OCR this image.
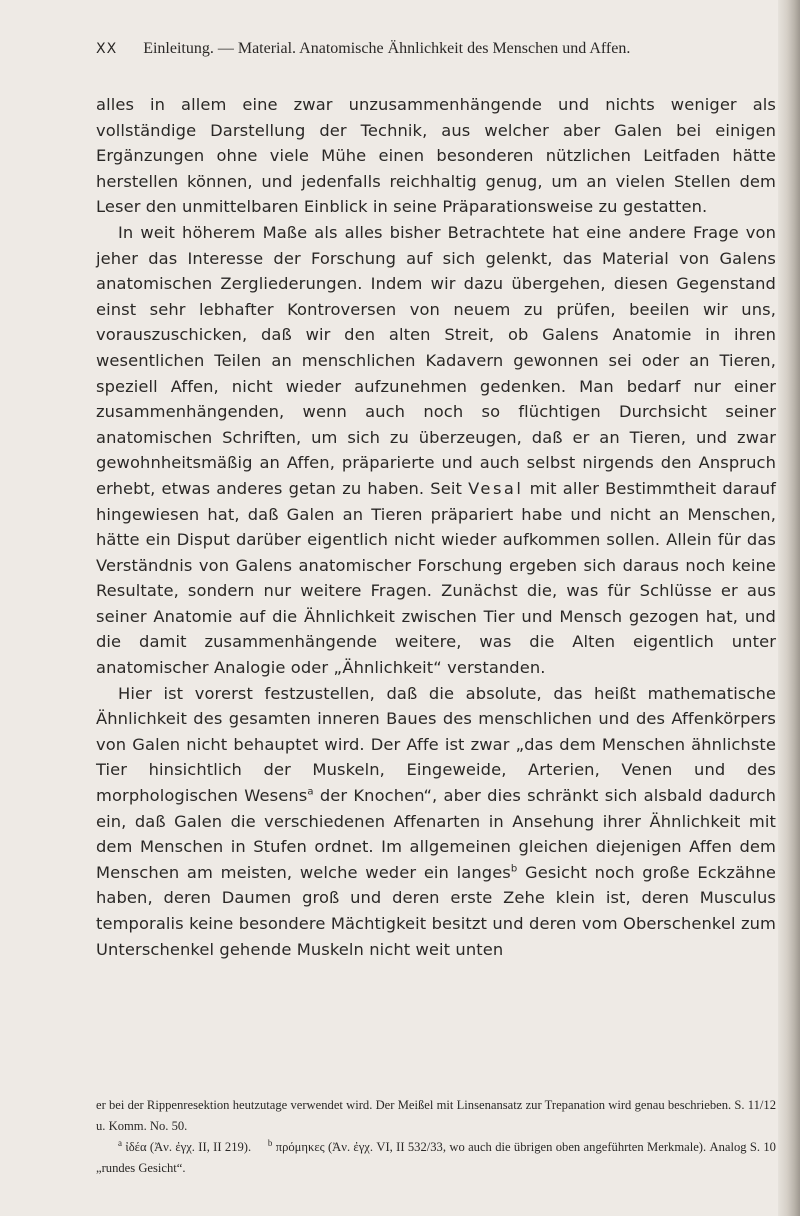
XX Einleitung. — Material. Anatomische Ähnlichkeit des Menschen und Affen.

alles in allem eine zwar unzusammenhängende und nichts weniger als vollständige Darstellung der Technik, aus welcher aber Galen bei einigen Ergänzungen ohne viele Mühe einen besonderen nützlichen Leitfaden hätte herstellen können, und jedenfalls reichhaltig genug, um an vielen Stellen dem Leser den unmittelbaren Einblick in seine Präparationsweise zu gestatten.

In weit höherem Maße als alles bisher Betrachtete hat eine andere Frage von jeher das Interesse der Forschung auf sich gelenkt, das Material von Galens anatomischen Zergliederungen. Indem wir dazu übergehen, diesen Gegenstand einst sehr lebhafter Kontroversen von neuem zu prüfen, beeilen wir uns, vorauszuschicken, daß wir den alten Streit, ob Galens Anatomie in ihren wesentlichen Teilen an menschlichen Kadavern gewonnen sei oder an Tieren, speziell Affen, nicht wieder aufzunehmen gedenken. Man bedarf nur einer zusammenhängenden, wenn auch noch so flüchtigen Durchsicht seiner anatomischen Schriften, um sich zu überzeugen, daß er an Tieren, und zwar gewohnheitsmäßig an Affen, präparierte und auch selbst nirgends den Anspruch erhebt, etwas anderes getan zu haben. Seit Vesal mit aller Bestimmtheit darauf hingewiesen hat, daß Galen an Tieren präpariert habe und nicht an Menschen, hätte ein Disput darüber eigentlich nicht wieder aufkommen sollen. Allein für das Verständnis von Galens anatomischer Forschung ergeben sich daraus noch keine Resultate, sondern nur weitere Fragen. Zunächst die, was für Schlüsse er aus seiner Anatomie auf die Ähnlichkeit zwischen Tier und Mensch gezogen hat, und die damit zusammenhängende weitere, was die Alten eigentlich unter anatomischer Analogie oder „Ähnlichkeit“ verstanden.

Hier ist vorerst festzustellen, daß die absolute, das heißt mathematische Ähnlichkeit des gesamten inneren Baues des menschlichen und des Affenkörpers von Galen nicht behauptet wird. Der Affe ist zwar „das dem Menschen ähnlichste Tier hinsichtlich der Muskeln, Eingeweide, Arterien, Venen und des morphologischen Wesens$^a$ der Knochen“, aber dies schränkt sich alsbald dadurch ein, daß Galen die verschiedenen Affenarten in Ansehung ihrer Ähnlichkeit mit dem Menschen in Stufen ordnet. Im allgemeinen gleichen diejenigen Affen dem Menschen am meisten, welche weder ein langes$^b$ Gesicht noch große Eckzähne haben, deren Daumen groß und deren erste Zehe klein ist, deren Musculus temporalis keine besondere Mächtigkeit besitzt und deren vom Oberschenkel zum Unterschenkel gehende Muskeln nicht weit unten

er bei der Rippenresektion heutzutage verwendet wird. Der Meißel mit Linsenansatz zur Trepanation wird genau beschrieben. S. 11/12 u. Komm. No. 50.

$^a$ ἰδέα (Ἀν. ἐγχ. II, II 219). $^b$ πρόμηκες (Ἀν. ἐγχ. VI, II 532/33, wo auch die übrigen oben angeführten Merkmale). Analog S. 10 „rundes Gesicht“.
